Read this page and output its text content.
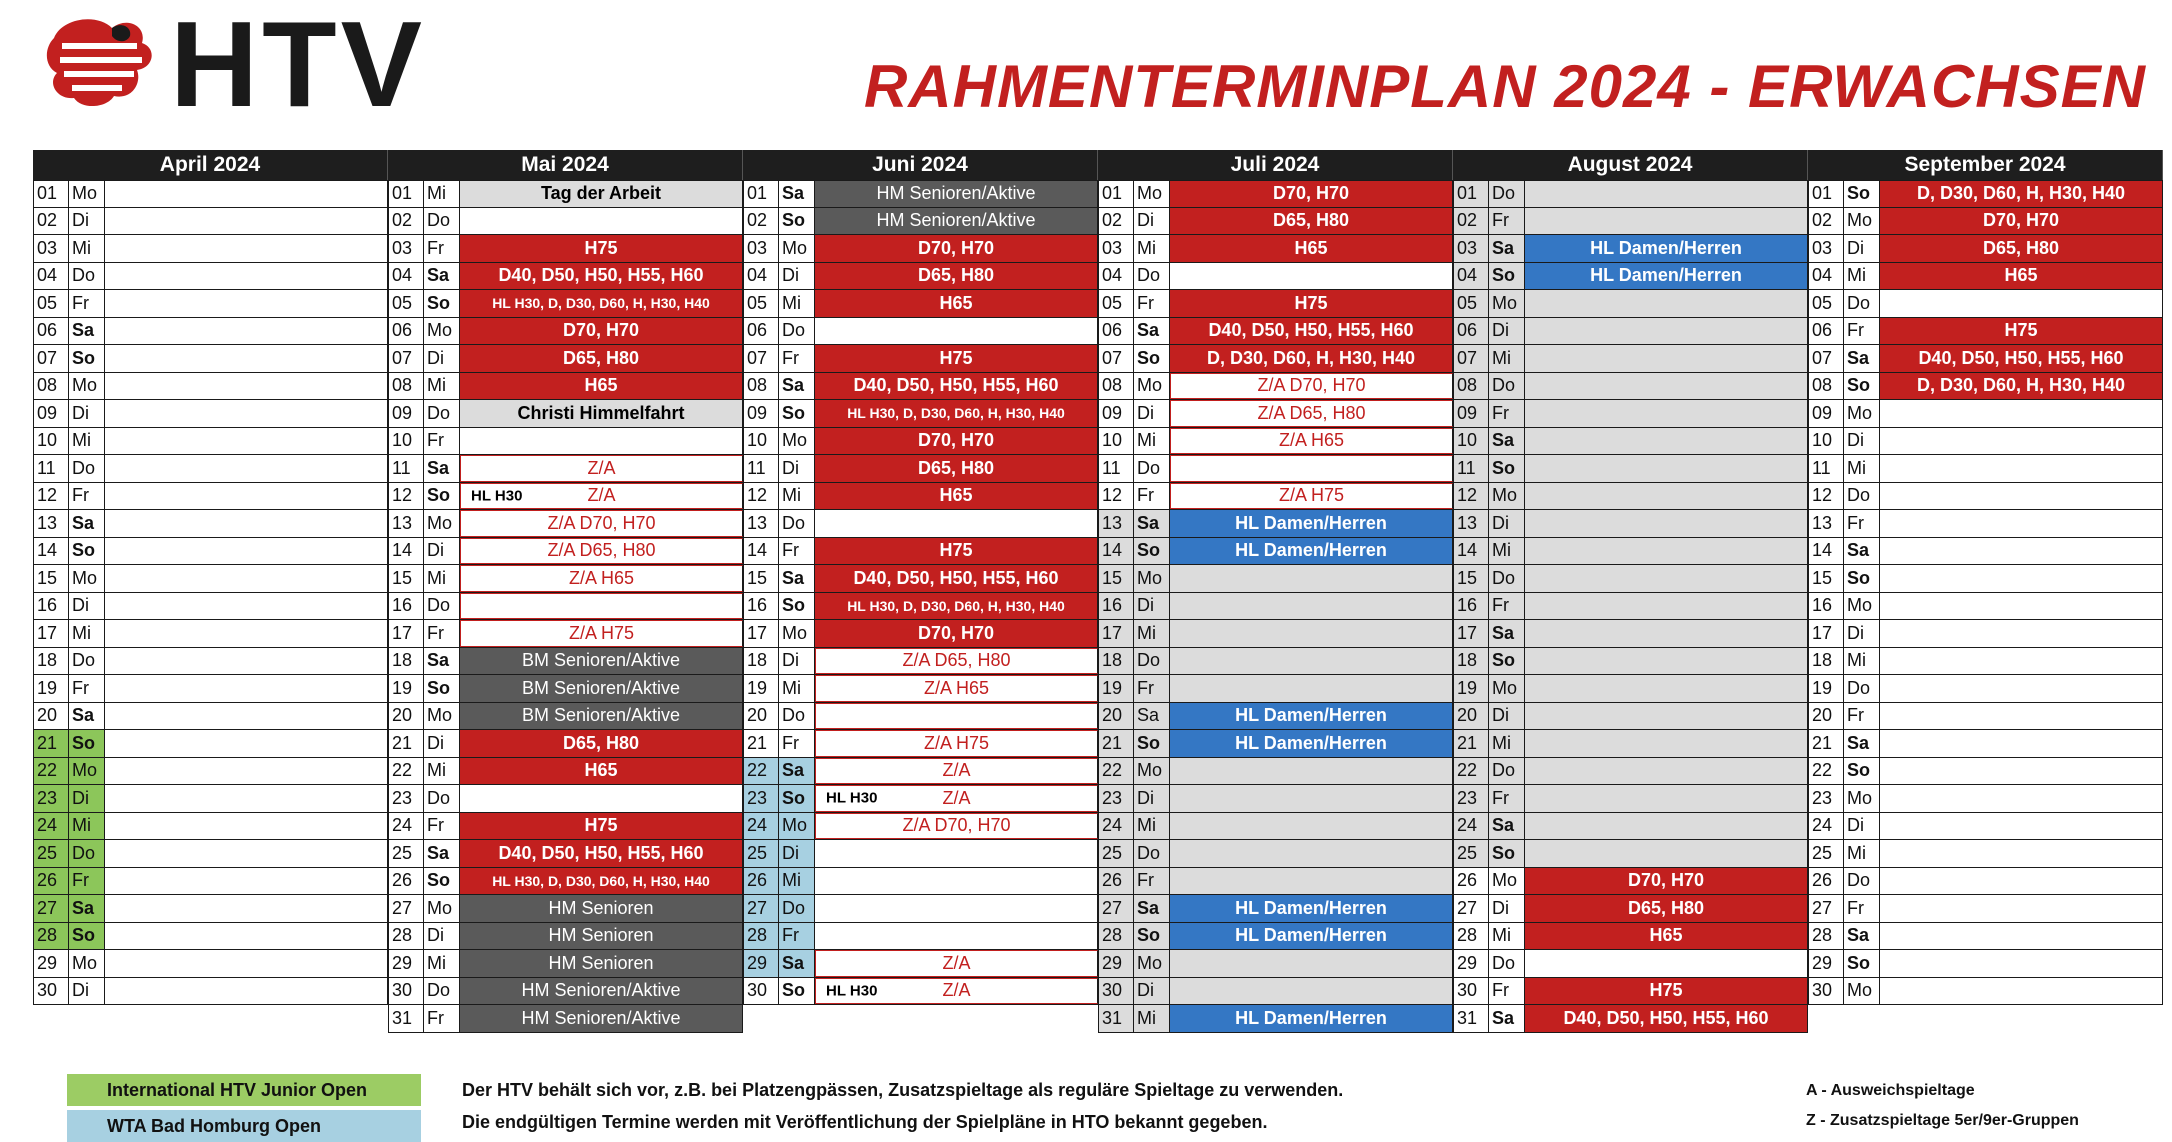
HTV	RAHMENTERMINPLAN 2024 - ERWACHSEN
April 2024
01 Mo
02 Di
03 Mi
04 Do
05 Fr
06 Sa
07 So
08 Mo
09 Di
10 Mi
11 Do
12 Fr
13 Sa
14 So
15 Mo
16 Di
17 Mi
18 Do
19 Fr
20 Sa
21 So
22 Mo
23 Di
24 Mi
25 Do
26 Fr
27 Sa
28 So
29 Mo
30 Di
Mai 2024
01 Mi	Tag der Arbeit
02 Do
03 Fr	H75
04 Sa	D40, D50, H50, H55, H60
05 So	HL H30, D, D30, D60, H, H30, H40
06 Mo	D70, H70
07 Di	D65, H80
08 Mi	H65
09 Do	Christi Himmelfahrt
10 Fr
11 Sa	Z/A
12 So	HL H30	Z/A
13 Mo	Z/A D70, H70
14 Di	Z/A D65, H80
15 Mi	Z/A H65
16 Do
17 Fr	Z/A H75
18 Sa	BM Senioren/Aktive
19 So	BM Senioren/Aktive
20 Mo	BM Senioren/Aktive
21 Di	D65, H80
22 Mi	H65
23 Do
24 Fr	H75
25 Sa	D40, D50, H50, H55, H60
26 So	HL H30, D, D30, D60, H, H30, H40
27 Mo	HM Senioren
28 Di	HM Senioren
29 Mi	HM Senioren
30 Do	HM Senioren/Aktive
31 Fr	HM Senioren/Aktive
Juni 2024
01 Sa	HM Senioren/Aktive
02 So	HM Senioren/Aktive
03 Mo	D70, H70
04 Di	D65, H80
05 Mi	H65
06 Do
07 Fr	H75
08 Sa	D40, D50, H50, H55, H60
09 So	HL H30, D, D30, D60, H, H30, H40
10 Mo	D70, H70
11 Di	D65, H80
12 Mi	H65
13 Do
14 Fr	H75
15 Sa	D40, D50, H50, H55, H60
16 So	HL H30, D, D30, D60, H, H30, H40
17 Mo	D70, H70
18 Di	Z/A D65, H80
19 Mi	Z/A H65
20 Do
21 Fr	Z/A H75
22 Sa	Z/A
23 So	HL H30	Z/A
24 Mo	Z/A D70, H70
25 Di
26 Mi
27 Do
28 Fr
29 Sa	Z/A
30 So	HL H30	Z/A
Juli 2024
01 Mo	D70, H70
02 Di	D65, H80
03 Mi	H65
04 Do
05 Fr	H75
06 Sa	D40, D50, H50, H55, H60
07 So	D, D30, D60, H, H30, H40
08 Mo	Z/A D70, H70
09 Di	Z/A D65, H80
10 Mi	Z/A H65
11 Do
12 Fr	Z/A H75
13 Sa	HL Damen/Herren
14 So	HL Damen/Herren
15 Mo
16 Di
17 Mi
18 Do
19 Fr
20 Sa	HL Damen/Herren
21 So	HL Damen/Herren
22 Mo
23 Di
24 Mi
25 Do
26 Fr
27 Sa	HL Damen/Herren
28 So	HL Damen/Herren
29 Mo
30 Di
31 Mi	HL Damen/Herren
August 2024
01 Do
02 Fr
03 Sa	HL Damen/Herren
04 So	HL Damen/Herren
05 Mo
06 Di
07 Mi
08 Do
09 Fr
10 Sa
11 So
12 Mo
13 Di
14 Mi
15 Do
16 Fr
17 Sa
18 So
19 Mo
20 Di
21 Mi
22 Do
23 Fr
24 Sa
25 So
26 Mo	D70, H70
27 Di	D65, H80
28 Mi	H65
29 Do
30 Fr	H75
31 Sa	D40, D50, H50, H55, H60
September 2024
01 So	D, D30, D60, H, H30, H40
02 Mo	D70, H70
03 Di	D65, H80
04 Mi	H65
05 Do
06 Fr	H75
07 Sa	D40, D50, H50, H55, H60
08 So	D, D30, D60, H, H30, H40
09 Mo
10 Di
11 Mi
12 Do
13 Fr
14 Sa
15 So
16 Mo
17 Di
18 Mi
19 Do
20 Fr
21 Sa
22 So
23 Mo
24 Di
25 Mi
26 Do
27 Fr
28 Sa
29 So
30 Mo
International HTV Junior Open
WTA Bad Homburg Open
Der HTV behält sich vor, z.B. bei Platzengpässen, Zusatzspieltage als reguläre Spieltage zu verwenden.
Die endgültigen Termine werden mit Veröffentlichung der Spielpläne in HTO bekannt gegeben.
A - Ausweichspieltage
Z - Zusatzspieltage 5er/9er-Gruppen
